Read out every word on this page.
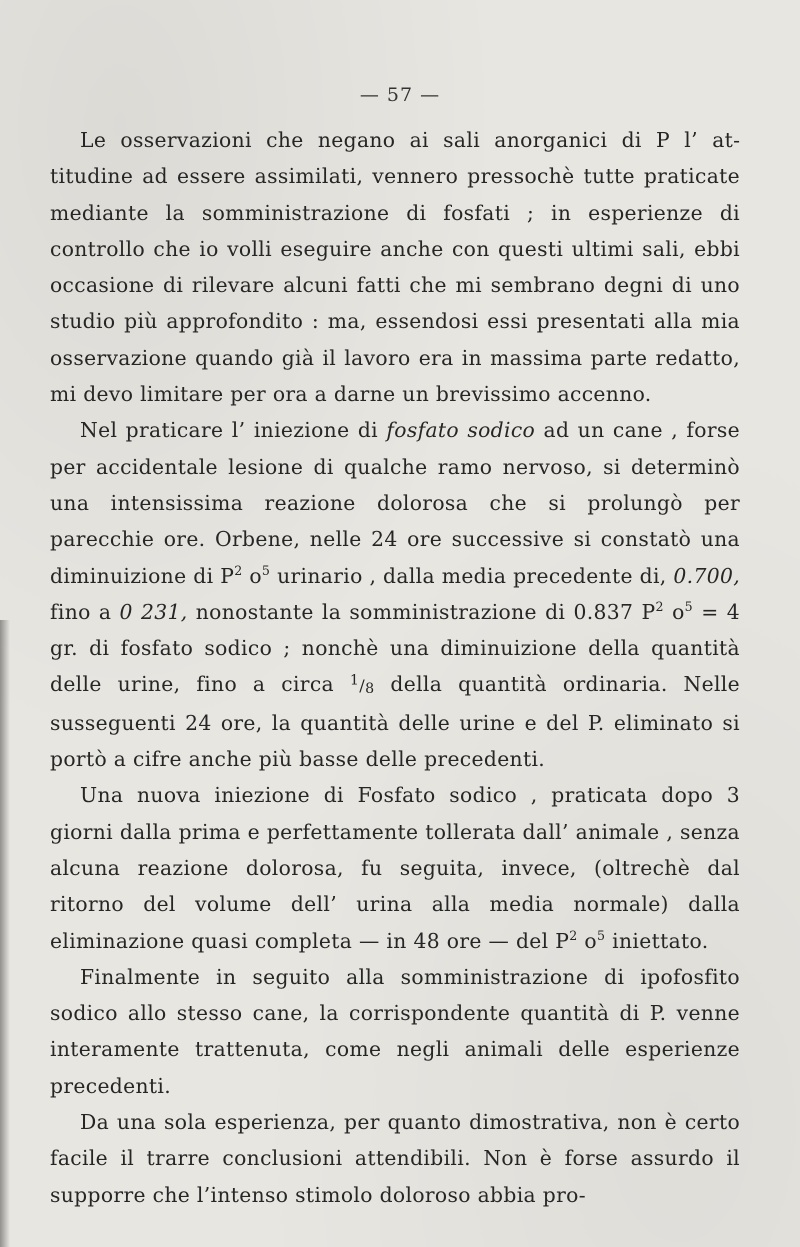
— 57 —

Le osservazioni che negano ai sali anorganici di P l’ attitudine ad essere assimilati, vennero pressochè tutte praticate mediante la somministrazione di fosfati ; in esperienze di controllo che io volli eseguire anche con questi ultimi sali, ebbi occasione di rilevare alcuni fatti che mi sembrano degni di uno studio più approfondito : ma, essendosi essi presentati alla mia osservazione quando già il lavoro era in massima parte redatto, mi devo limitare per ora a darne un brevissimo accenno.

Nel praticare l’ iniezione di fosfato sodico ad un cane , forse per accidentale lesione di qualche ramo nervoso, si determinò una intensissima reazione dolorosa che si prolungò per parecchie ore. Orbene, nelle 24 ore successive si constatò una diminuizione di $P^2$ $o^5$ urinario , dalla media precedente di, 0.700, fino a 0 231, nonostante la somministrazione di 0.837 $P^2$ $o^5 = 4$ gr. di fosfato sodico ; nonchè una diminuizione della quantità delle urine, fino a circa $^1$/8 della quantità ordinaria. Nelle susseguenti 24 ore, la quantità delle urine e del P. eliminato si portò a cifre anche più basse delle precedenti.

Una nuova iniezione di Fosfato sodico , praticata dopo 3 giorni dalla prima e perfettamente tollerata dall’ animale , senza alcuna reazione dolorosa, fu seguita, invece, (oltrechè dal ritorno del volume dell’ urina alla media normale) dalla eliminazione quasi completa — in 48 ore — del $P^2$ $o^5$ iniettato.

Finalmente in seguito alla somministrazione di ipofosfito sodico allo stesso cane, la corrispondente quantità di P. venne interamente trattenuta, come negli animali delle esperienze precedenti.

Da una sola esperienza, per quanto dimostrativa, non è certo facile il trarre conclusioni attendibili. Non è forse assurdo il supporre che l’intenso stimolo doloroso abbia pro-
